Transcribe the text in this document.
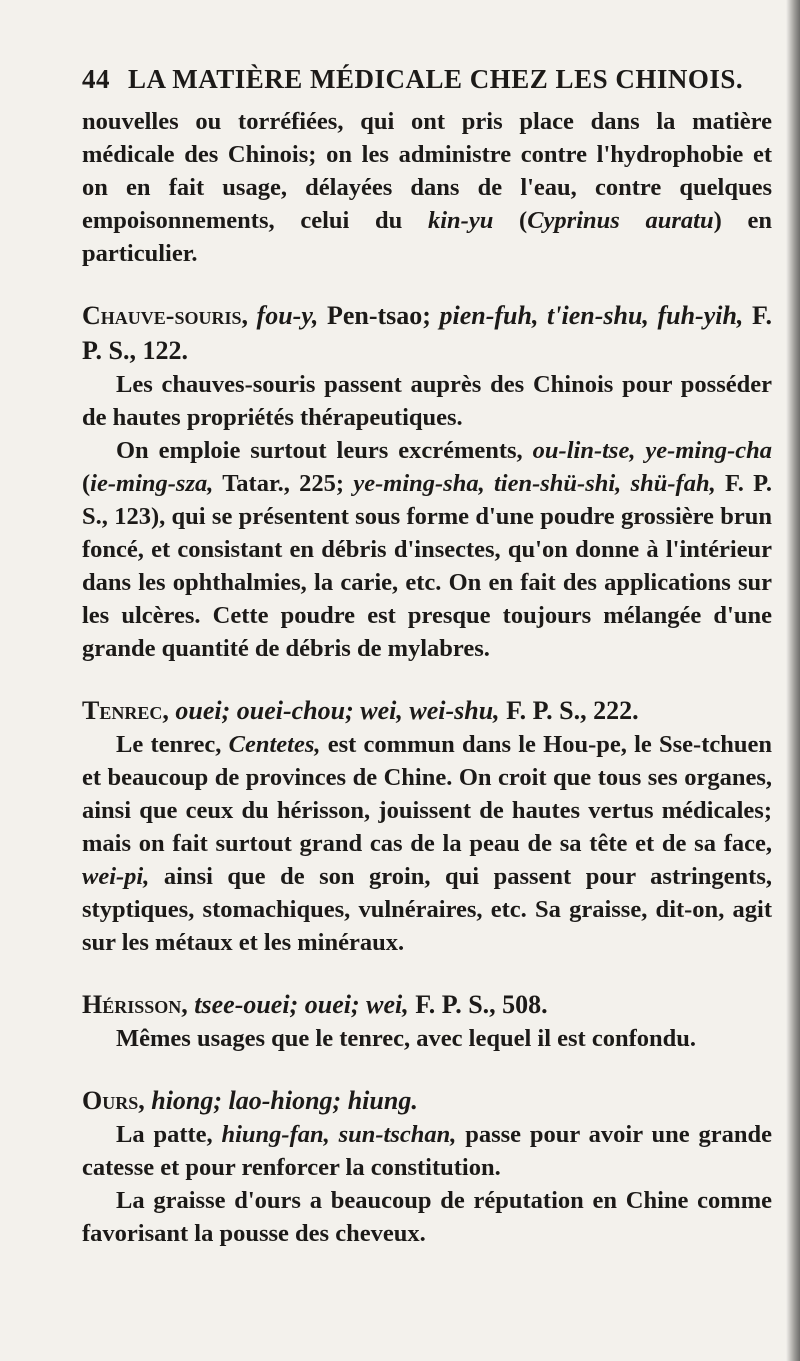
44 LA MATIÈRE MÉDICALE CHEZ LES CHINOIS.

nouvelles ou torréfiées, qui ont pris place dans la matière médicale des Chinois; on les administre contre l'hydrophobie et on en fait usage, délayées dans de l'eau, contre quelques empoisonnements, celui du kin-yu (Cyprinus auratu) en particulier.

Chauve-souris, fou-y, Pen-tsao; pien-fuh, t'ien-shu, fuh-yih, F. P. S., 122.

Les chauves-souris passent auprès des Chinois pour posséder de hautes propriétés thérapeutiques.

On emploie surtout leurs excréments, ou-lin-tse, ye-ming-cha (ie-ming-sza, Tatar., 225; ye-ming-sha, tien-shü-shi, shü-fah, F. P. S., 123), qui se présentent sous forme d'une poudre grossière brun foncé, et consistant en débris d'insectes, qu'on donne à l'intérieur dans les ophthalmies, la carie, etc. On en fait des applications sur les ulcères. Cette poudre est presque toujours mélangée d'une grande quantité de débris de mylabres.

Tenrec, ouei; ouei-chou; wei, wei-shu, F. P. S., 222.

Le tenrec, Centetes, est commun dans le Hou-pe, le Sse-tchuen et beaucoup de provinces de Chine. On croit que tous ses organes, ainsi que ceux du hérisson, jouissent de hautes vertus médicales; mais on fait surtout grand cas de la peau de sa tête et de sa face, wei-pi, ainsi que de son groin, qui passent pour astringents, styptiques, stomachiques, vulnéraires, etc. Sa graisse, dit-on, agit sur les métaux et les minéraux.

Hérisson, tsee-ouei; ouei; wei, F. P. S., 508.

Mêmes usages que le tenrec, avec lequel il est confondu.

Ours, hiong; lao-hiong; hiung.

La patte, hiung-fan, sun-tschan, passe pour avoir une grande catesse et pour renforcer la constitution.

La graisse d'ours a beaucoup de réputation en Chine comme favorisant la pousse des cheveux.
